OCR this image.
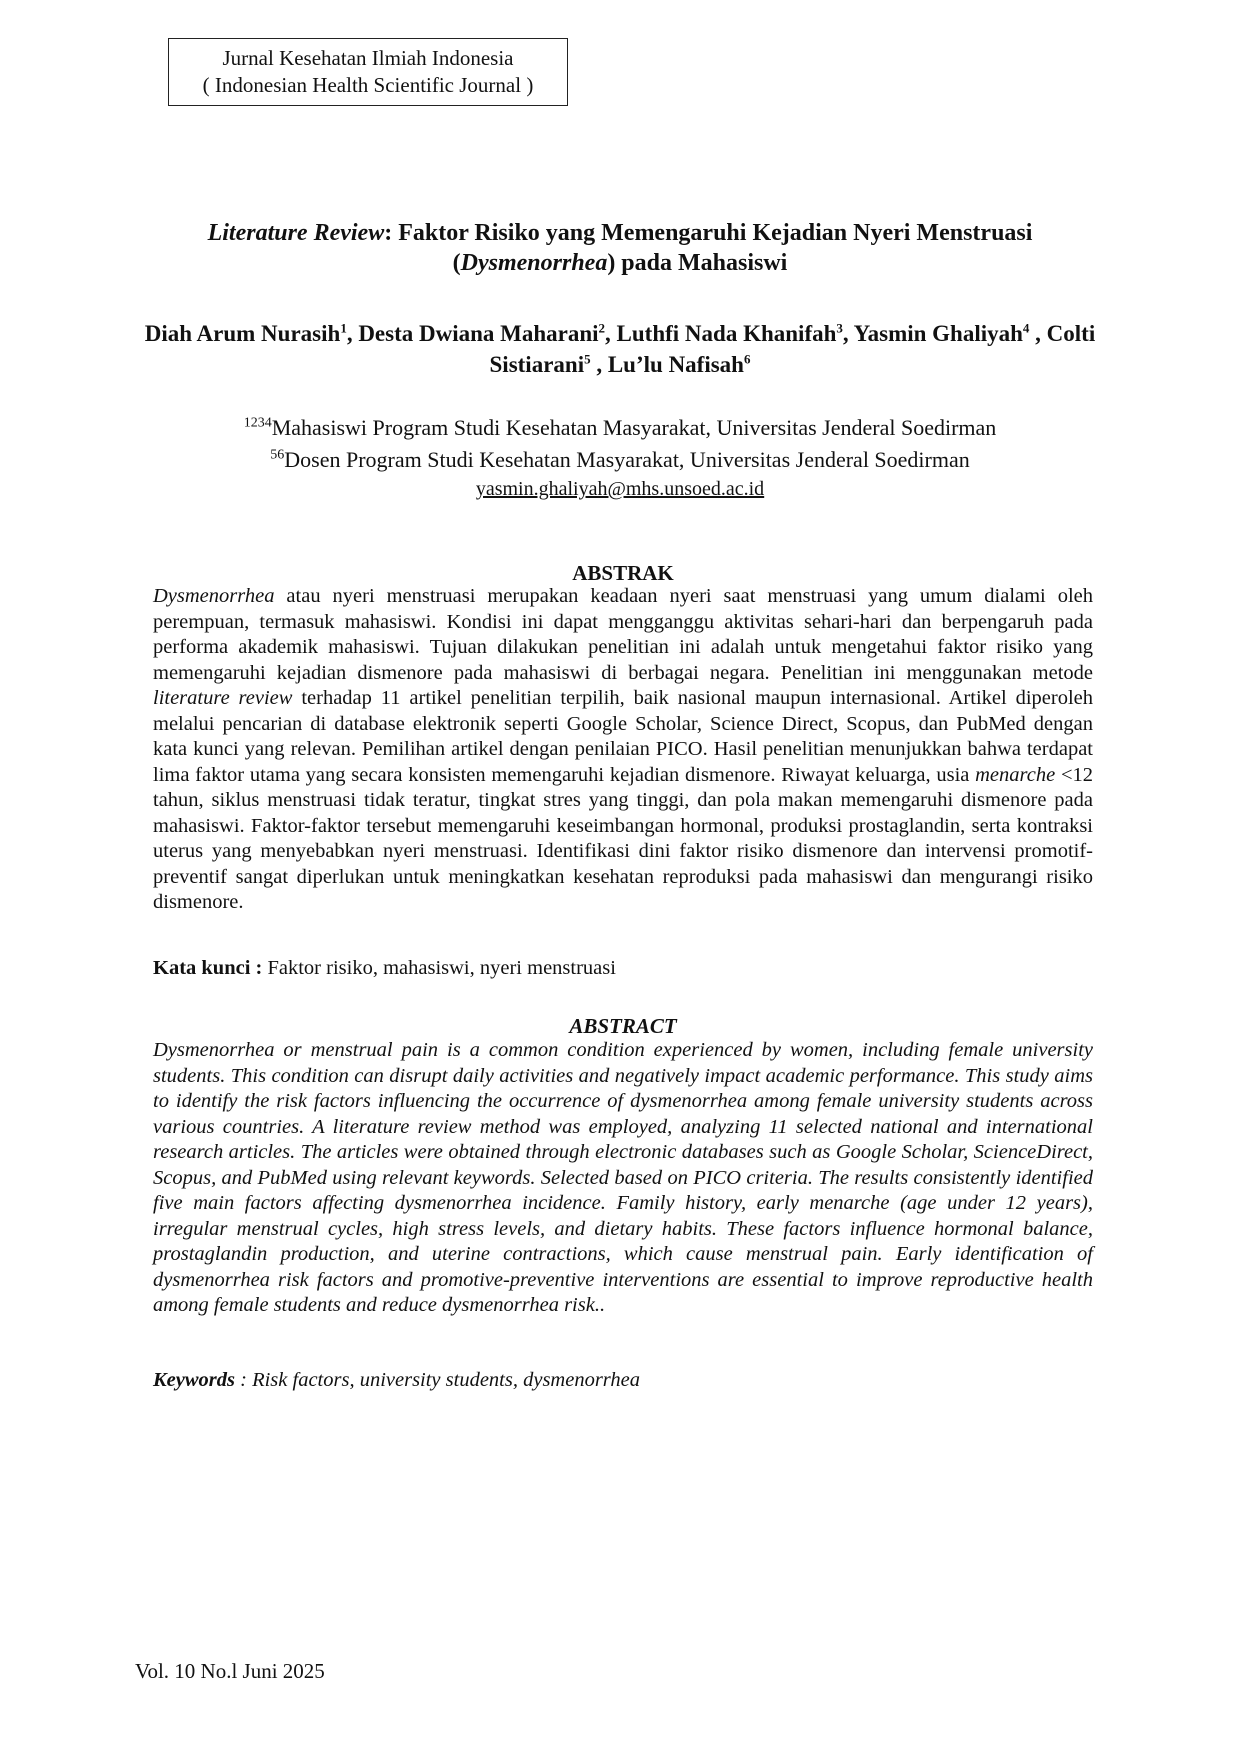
Jurnal Kesehatan Ilmiah Indonesia
( Indonesian Health Scientific Journal )
Literature Review: Faktor Risiko yang Memengaruhi Kejadian Nyeri Menstruasi
(Dysmenorrhea) pada Mahasiswi
Diah Arum Nurasih$^1$, Desta Dwiana Maharani$^2$, Luthfi Nada Khanifah$^3$, Yasmin Ghaliyah$^4$ , Colti Sistiarani$^5$ , Lu’lu Nafisah$^6$
$^{1234}$Mahasiswi Program Studi Kesehatan Masyarakat, Universitas Jenderal Soedirman
$^{56}$Dosen Program Studi Kesehatan Masyarakat, Universitas Jenderal Soedirman
yasmin.ghaliyah@mhs.unsoed.ac.id
ABSTRAK
Dysmenorrhea atau nyeri menstruasi merupakan keadaan nyeri saat menstruasi yang umum dialami oleh perempuan, termasuk mahasiswi. Kondisi ini dapat mengganggu aktivitas sehari-hari dan berpengaruh pada performa akademik mahasiswi. Tujuan dilakukan penelitian ini adalah untuk mengetahui faktor risiko yang memengaruhi kejadian dismenore pada mahasiswi di berbagai negara. Penelitian ini menggunakan metode literature review terhadap 11 artikel penelitian terpilih, baik nasional maupun internasional. Artikel diperoleh melalui pencarian di database elektronik seperti Google Scholar, Science Direct, Scopus, dan PubMed dengan kata kunci yang relevan. Pemilihan artikel dengan penilaian PICO. Hasil penelitian menunjukkan bahwa terdapat lima faktor utama yang secara konsisten memengaruhi kejadian dismenore. Riwayat keluarga, usia menarche <12 tahun, siklus menstruasi tidak teratur, tingkat stres yang tinggi, dan pola makan memengaruhi dismenore pada mahasiswi. Faktor-faktor tersebut memengaruhi keseimbangan hormonal, produksi prostaglandin, serta kontraksi uterus yang menyebabkan nyeri menstruasi. Identifikasi dini faktor risiko dismenore dan intervensi promotif-preventif sangat diperlukan untuk meningkatkan kesehatan reproduksi pada mahasiswi dan mengurangi risiko dismenore.
Kata kunci : Faktor risiko, mahasiswi, nyeri menstruasi
ABSTRACT
Dysmenorrhea or menstrual pain is a common condition experienced by women, including female university students. This condition can disrupt daily activities and negatively impact academic performance. This study aims to identify the risk factors influencing the occurrence of dysmenorrhea among female university students across various countries. A literature review method was employed, analyzing 11 selected national and international research articles. The articles were obtained through electronic databases such as Google Scholar, ScienceDirect, Scopus, and PubMed using relevant keywords. Selected based on PICO criteria. The results consistently identified five main factors affecting dysmenorrhea incidence. Family history, early menarche (age under 12 years), irregular menstrual cycles, high stress levels, and dietary habits. These factors influence hormonal balance, prostaglandin production, and uterine contractions, which cause menstrual pain. Early identification of dysmenorrhea risk factors and promotive-preventive interventions are essential to improve reproductive health among female students and reduce dysmenorrhea risk..
Keywords : Risk factors, university students, dysmenorrhea
Vol. 10 No.l Juni 2025
